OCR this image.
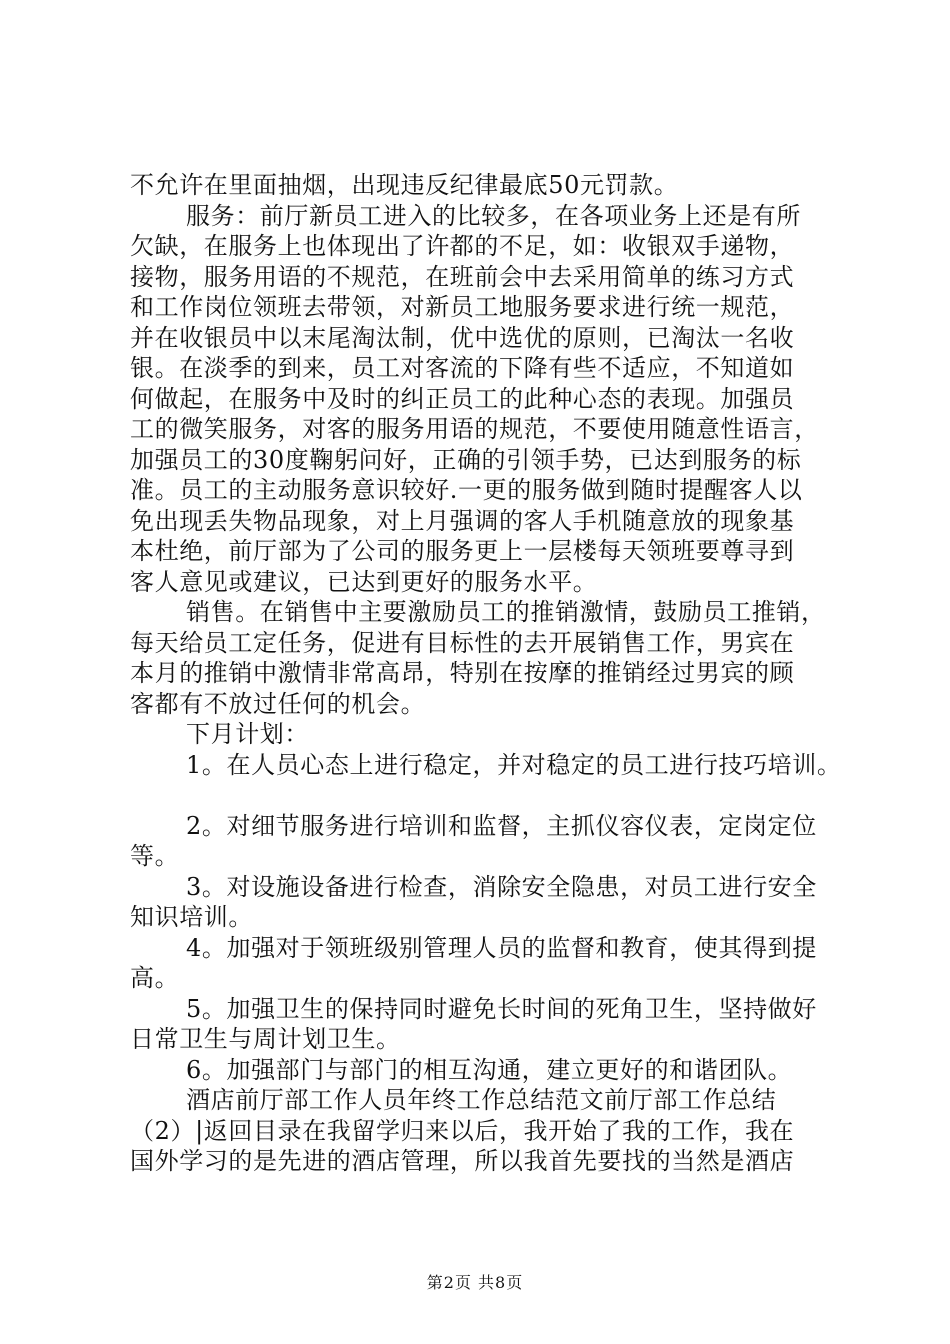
不允许在里面抽烟，出现违反纪律最底50元罚款。
服务：前厅新员工进入的比较多，在各项业务上还是有所
欠缺，在服务上也体现出了许都的不足，如：收银双手递物，
接物，服务用语的不规范，在班前会中去采用简单的练习方式
和工作岗位领班去带领，对新员工地服务要求进行统一规范，
并在收银员中以末尾淘汰制，优中选优的原则，已淘汰一名收
银。在淡季的到来，员工对客流的下降有些不适应，不知道如
何做起，在服务中及时的纠正员工的此种心态的表现。加强员
工的微笑服务，对客的服务用语的规范，不要使用随意性语言，
加强员工的30度鞠躬问好，正确的引领手势，已达到服务的标
准。员工的主动服务意识较好.一更的服务做到随时提醒客人以
免出现丢失物品现象，对上月强调的客人手机随意放的现象基
本杜绝，前厅部为了公司的服务更上一层楼每天领班要尊寻到
客人意见或建议，已达到更好的服务水平。
销售。在销售中主要激励员工的推销激情，鼓励员工推销，
每天给员工定任务，促进有目标性的去开展销售工作，男宾在
本月的推销中激情非常高昂，特别在按摩的推销经过男宾的顾
客都有不放过任何的机会。
下月计划：
1。在人员心态上进行稳定，并对稳定的员工进行技巧培训。
2。对细节服务进行培训和监督，主抓仪容仪表，定岗定位
等。
3。对设施设备进行检查，消除安全隐患，对员工进行安全
知识培训。
4。加强对于领班级别管理人员的监督和教育，使其得到提
高。
5。加强卫生的保持同时避免长时间的死角卫生，坚持做好
日常卫生与周计划卫生。
6。加强部门与部门的相互沟通，建立更好的和谐团队。
酒店前厅部工作人员年终工作总结范文前厅部工作总结
（2）|返回目录在我留学归来以后，我开始了我的工作，我在
国外学习的是先进的酒店管理，所以我首先要找的当然是酒店
第2页 共8页
